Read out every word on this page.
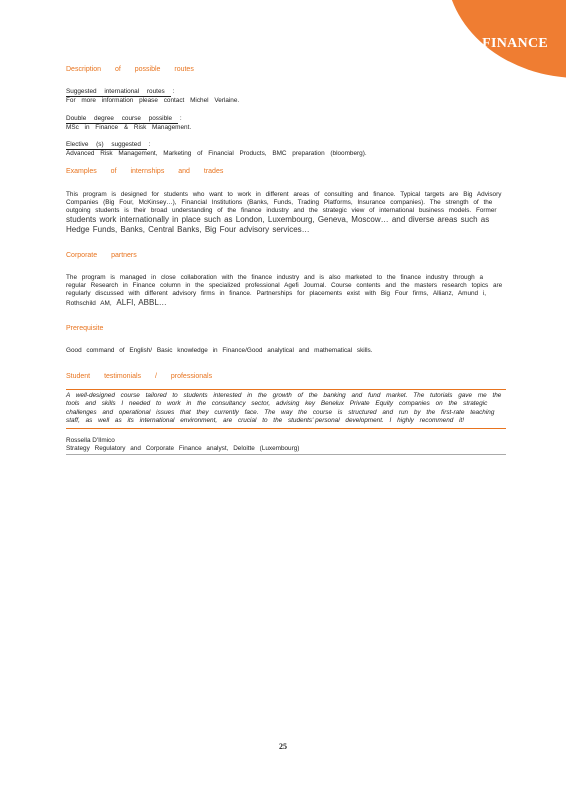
FINANCE
Description of possible routes
Suggested international routes :
For more information please contact Michel Verlaine.
Double degree course possible :
MSc in Finance & Risk Management.
Elective (s) suggested :
Advanced Risk Management, Marketing of Financial Products, BMC preparation (bloomberg).
Examples of internships and trades
This program is designed for students who want to work in different areas of consulting and finance. Typical targets are Big Advisory Companies (Big Four, McKinsey…), Financial Institutions (Banks, Funds, Trading Platforms, Insurance companies). The strength of the outgoing students is their broad understanding of the finance industry and the strategic view of international business models. Former students work internationally in place such as London, Luxembourg, Geneva, Moscow… and diverse areas such as Hedge Funds, Banks, Central Banks, Big Four advisory services…
Corporate partners
The program is managed in close collaboration with the finance industry and is also marketed to the finance industry through a regular Research in Finance column in the specialized professional Agefi Journal. Course contents and the masters research topics are regularly discussed with different advisory firms in finance. Partnerships for placements exist with Big Four firms, Allianz, Amund i, Rothschild AM, ALFI, ABBL…
Prerequisite
Good command of English/ Basic knowledge in Finance/Good analytical and mathematical skills.
Student testimonials / professionals
A well-designed course tailored to students interested in the growth of the banking and fund market. The tutorials gave me the tools and skills I needed to work in the consultancy sector, advising key Benelux Private Equity companies on the strategic challenges and operational issues that they currently face. The way the course is structured and run by the first-rate teaching staff, as well as its international environment, are crucial to the students' personal development. I highly recommend it!
Rossella D'Ilmico
Strategy Regulatory and Corporate Finance analyst, Deloitte (Luxembourg)
25
